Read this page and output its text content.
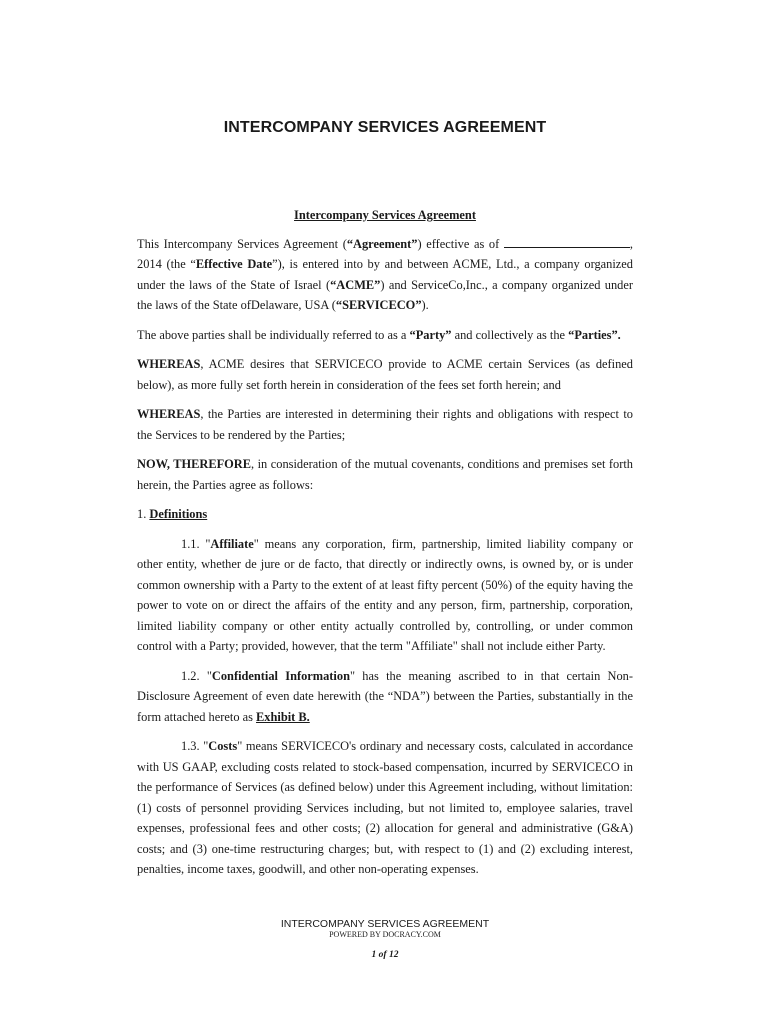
INTERCOMPANY SERVICES AGREEMENT
Intercompany Services Agreement

This Intercompany Services Agreement (“Agreement”) effective as of	, 2014 (the “Effective Date”), is entered into by and between ACME, Ltd., a company organized under the laws of the State of Israel (“ACME”) and ServiceCo,Inc., a company organized under the laws of the State ofDelaware, USA (“SERVICECO”).

The above parties shall be individually referred to as a “Party” and collectively as the “Parties”.

WHEREAS, ACME desires that SERVICECO provide to ACME certain Services (as defined below), as more fully set forth herein in consideration of the fees set forth herein; and

WHEREAS, the Parties are interested in determining their rights and obligations with respect to the Services to be rendered by the Parties;

NOW, THEREFORE, in consideration of the mutual covenants, conditions and premises set forth herein, the Parties agree as follows:

1. Definitions

1.1. "Affiliate" means any corporation, firm, partnership, limited liability company or other entity, whether de jure or de facto, that directly or indirectly owns, is owned by, or is under common ownership with a Party to the extent of at least fifty percent (50%) of the equity having the power to vote on or direct the affairs of the entity and any person, firm, partnership, corporation, limited liability company or other entity actually controlled by, controlling, or under common control with a Party; provided, however, that the term "Affiliate" shall not include either Party.

1.2. "Confidential Information" has the meaning ascribed to in that certain Non-Disclosure Agreement of even date herewith (the “NDA”) between the Parties, substantially in the form attached hereto as Exhibit B.

1.3. "Costs" means SERVICECO's ordinary and necessary costs, calculated in accordance with US GAAP, excluding costs related to stock-based compensation, incurred by SERVICECO in the performance of Services (as defined below) under this Agreement including, without limitation: (1) costs of personnel providing Services including, but not limited to, employee salaries, travel expenses, professional fees and other costs; (2) allocation for general and administrative (G&A) costs; and (3) one-time restructuring charges; but, with respect to (1) and (2) excluding interest, penalties, income taxes, goodwill, and other non-operating expenses.

INTERCOMPANY SERVICES AGREEMENT
POWERED BY DOCRACY.COM
1 of 12
